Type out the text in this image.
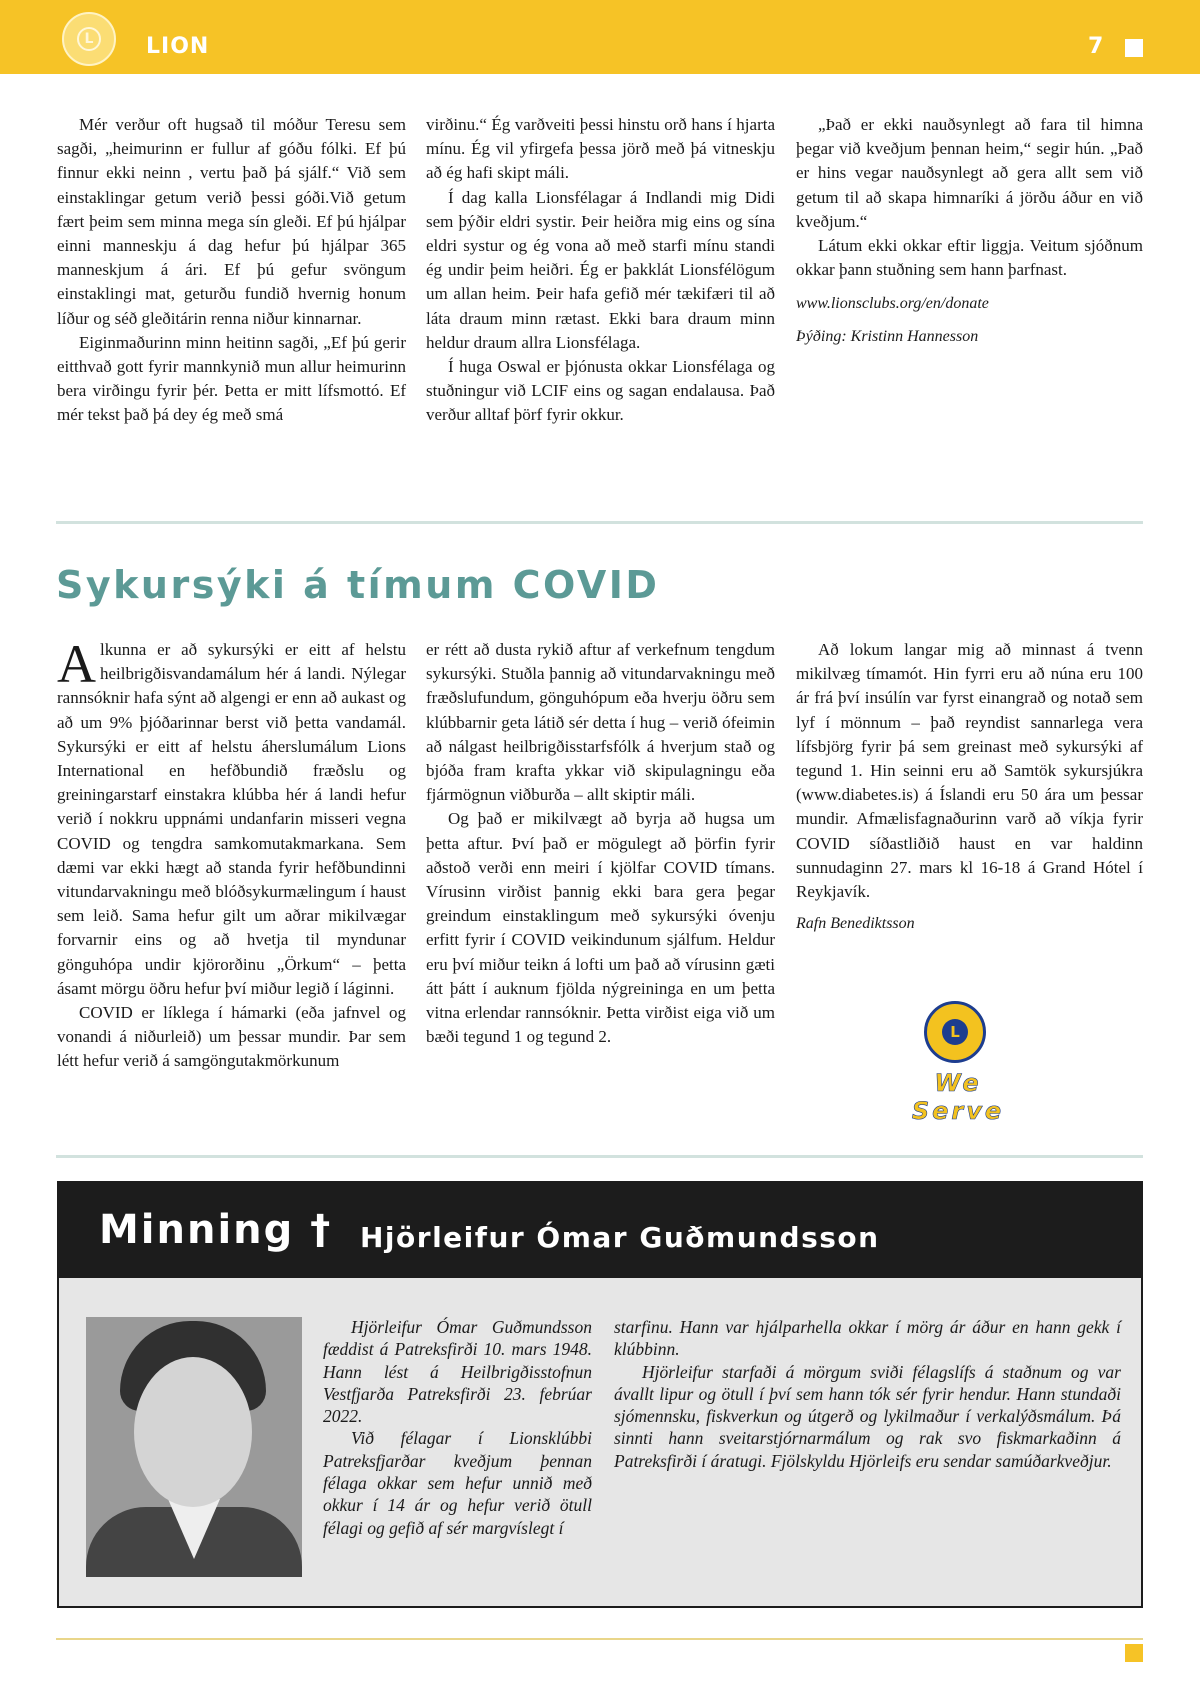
L LION	7

Mér verður oft hugsað til móður Teresu sem sagði, „heimurinn er fullur af góðu fólki. Ef þú finnur ekki neinn , vertu það þá sjálf.“ Við sem einstaklingar getum verið þessi góði.Við getum fært þeim sem minna mega sín gleði. Ef þú hjálpar einni manneskju á dag hefur þú hjálpar 365 manneskjum á ári. Ef þú gefur svöngum einstaklingi mat, geturðu fundið hvernig honum líður og séð gleðitárin renna niður kinnarnar.

Eiginmaðurinn minn heitinn sagði, „Ef þú gerir eitthvað gott fyrir mannkynið mun allur heimurinn bera virðingu fyrir þér. Þetta er mitt lífsmottó. Ef mér tekst það þá dey ég með smá

virðinu.“ Ég varðveiti þessi hinstu orð hans í hjarta mínu. Ég vil yfirgefa þessa jörð með þá vitneskju að ég hafi skipt máli.

Í dag kalla Lionsfélagar á Indlandi mig Didi sem þýðir eldri systir. Þeir heiðra mig eins og sína eldri systur og ég vona að með starfi mínu standi ég undir þeim heiðri. Ég er þakklát Lionsfélögum um allan heim. Þeir hafa gefið mér tækifæri til að láta draum minn rætast. Ekki bara draum minn heldur draum allra Lionsfélaga.

Í huga Oswal er þjónusta okkar Lionsfélaga og stuðningur við LCIF eins og sagan endalausa. Það verður alltaf þörf fyrir okkur.

„Það er ekki nauðsynlegt að fara til himna þegar við kveðjum þennan heim,“ segir hún. „Það er hins vegar nauðsynlegt að gera allt sem við getum til að skapa himnaríki á jörðu áður en við kveðjum.“

Látum ekki okkar eftir liggja. Veitum sjóðnum okkar þann stuðning sem hann þarfnast.

www.lionsclubs.org/en/donate

Þýðing: Kristinn Hannesson

Sykursýki á tímum COVID

Alkunna er að sykursýki er eitt af helstu heilbrigðisvandamálum hér á landi. Nýlegar rannsóknir hafa sýnt að algengi er enn að aukast og að um 9% þjóðarinnar berst við þetta vandamál. Sykursýki er eitt af helstu áherslumálum Lions International en hefðbundið fræðslu og greiningarstarf einstakra klúbba hér á landi hefur verið í nokkru uppnámi undanfarin misseri vegna COVID og tengdra samkomutakmarkana. Sem dæmi var ekki hægt að standa fyrir hefðbundinni vitundarvakningu með blóðsykurmælingum í haust sem leið. Sama hefur gilt um aðrar mikilvægar forvarnir eins og að hvetja til myndunar gönguhópa undir kjörorðinu „Örkum“ – þetta ásamt mörgu öðru hefur því miður legið í láginni.

COVID er líklega í hámarki (eða jafnvel og vonandi á niðurleið) um þessar mundir. Þar sem létt hefur verið á samgöngutakmörkunum

er rétt að dusta rykið aftur af verkefnum tengdum sykursýki. Stuðla þannig að vitundarvakningu með fræðslufundum, gönguhópum eða hverju öðru sem klúbbarnir geta látið sér detta í hug – verið ófeimin að nálgast heilbrigðisstarfsfólk á hverjum stað og bjóða fram krafta ykkar við skipulagningu eða fjármögnun viðburða – allt skiptir máli.

Og það er mikilvægt að byrja að hugsa um þetta aftur. Því það er mögulegt að þörfin fyrir aðstoð verði enn meiri í kjölfar COVID tímans. Vírusinn virðist þannig ekki bara gera þegar greindum einstaklingum með sykursýki óvenju erfitt fyrir í COVID veikindunum sjálfum. Heldur eru því miður teikn á lofti um það að vírusinn gæti átt þátt í auknum fjölda nýgreininga en um þetta vitna erlendar rannsóknir. Þetta virðist eiga við um bæði tegund 1 og tegund 2.

Að lokum langar mig að minnast á tvenn mikilvæg tímamót. Hin fyrri eru að núna eru 100 ár frá því insúlín var fyrst einangrað og notað sem lyf í mönnum – það reyndist sannarlega vera lífsbjörg fyrir þá sem greinast með sykursýki af tegund 1. Hin seinni eru að Samtök sykursjúkra (www.diabetes.is) á Íslandi eru 50 ára um þessar mundir. Afmælisfagnaðurinn varð að víkja fyrir COVID síðastliðið haust en var haldinn sunnudaginn 27. mars kl 16-18 á Grand Hótel í Reykjavík.

Rafn Benediktsson

L
We Serve
Minning † Hjörleifur Ómar Guðmundsson

Hjörleifur Ómar Guðmundsson fæddist á Patreksfirði 10. mars 1948. Hann lést á Heilbrigðisstofnun Vestfjarða Patreksfirði 23. febrúar 2022.

Við félagar í Lionsklúbbi Patreksfjarðar kveðjum þennan félaga okkar sem hefur unnið með okkur í 14 ár og hefur verið ötull félagi og gefið af sér margvíslegt í

starfinu. Hann var hjálparhella okkar í mörg ár áður en hann gekk í klúbbinn.

Hjörleifur starfaði á mörgum sviði félagslífs á staðnum og var ávallt lipur og ötull í því sem hann tók sér fyrir hendur. Hann stundaði sjómennsku, fiskverkun og útgerð og lykilmaður í verkalýðsmálum. Þá sinnti hann sveitarstjórnarmálum og rak svo fiskmarkaðinn á Patreksfirði í áratugi. Fjölskyldu Hjörleifs eru sendar samúðarkveðjur.
